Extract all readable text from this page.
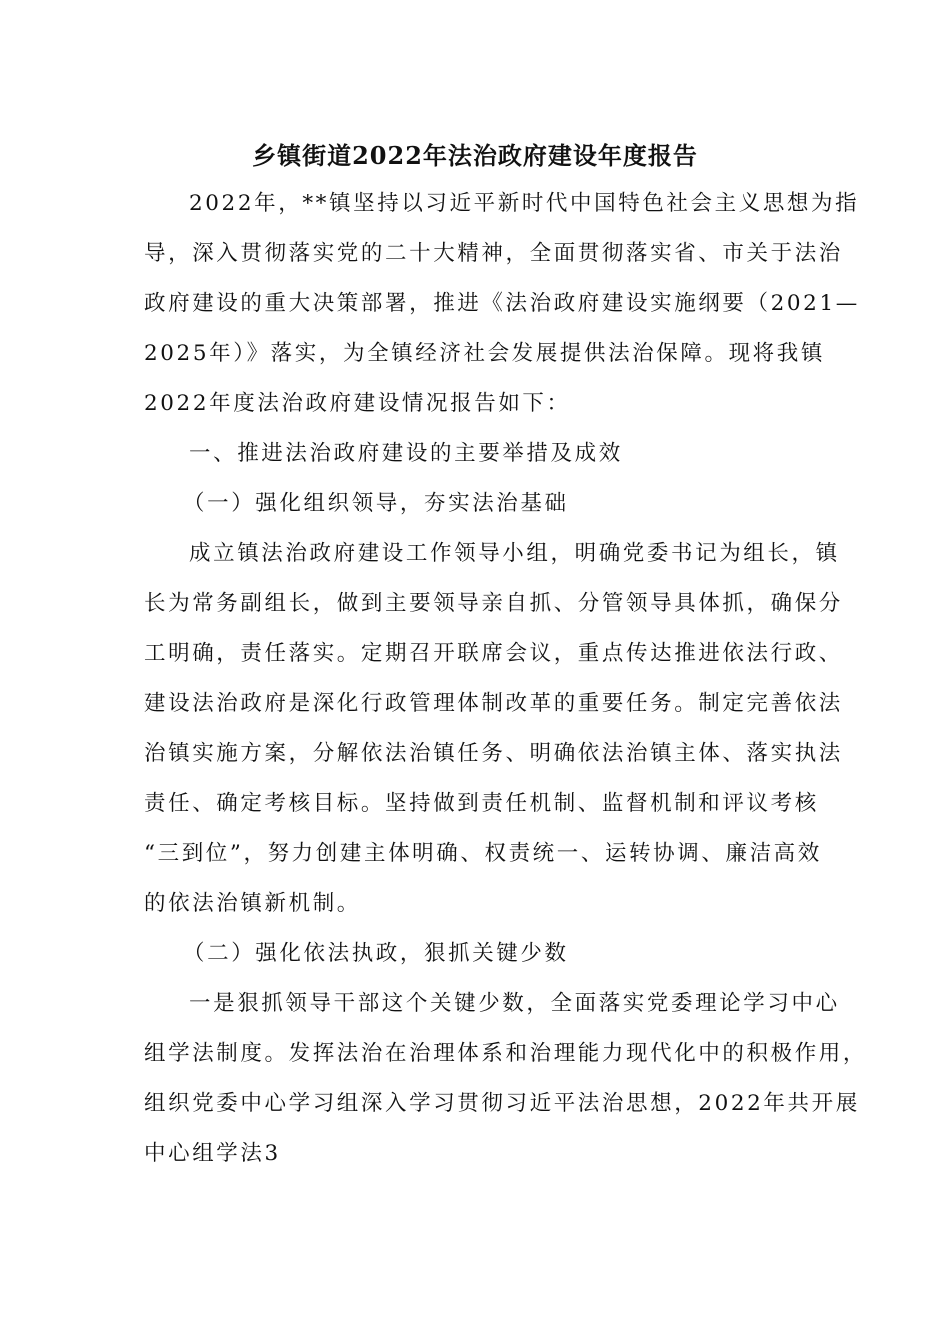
乡镇街道2022年法治政府建设年度报告
2022年，**镇坚持以习近平新时代中国特色社会主义思想为指
导，深入贯彻落实党的二十大精神，全面贯彻落实省、市关于法治
政府建设的重大决策部署，推进《法治政府建设实施纲要（2021—
2025年）》落实，为全镇经济社会发展提供法治保障。现将我镇
2022年度法治政府建设情况报告如下：
一、推进法治政府建设的主要举措及成效
（一）强化组织领导，夯实法治基础
成立镇法治政府建设工作领导小组，明确党委书记为组长，镇
长为常务副组长，做到主要领导亲自抓、分管领导具体抓，确保分
工明确，责任落实。定期召开联席会议，重点传达推进依法行政、
建设法治政府是深化行政管理体制改革的重要任务。制定完善依法
治镇实施方案，分解依法治镇任务、明确依法治镇主体、落实执法
责任、确定考核目标。坚持做到责任机制、监督机制和评议考核
“三到位”，努力创建主体明确、权责统一、运转协调、廉洁高效
的依法治镇新机制。
（二）强化依法执政，狠抓关键少数
一是狠抓领导干部这个关键少数，全面落实党委理论学习中心
组学法制度。发挥法治在治理体系和治理能力现代化中的积极作用，
组织党委中心学习组深入学习贯彻习近平法治思想，2022年共开展
中心组学法3
